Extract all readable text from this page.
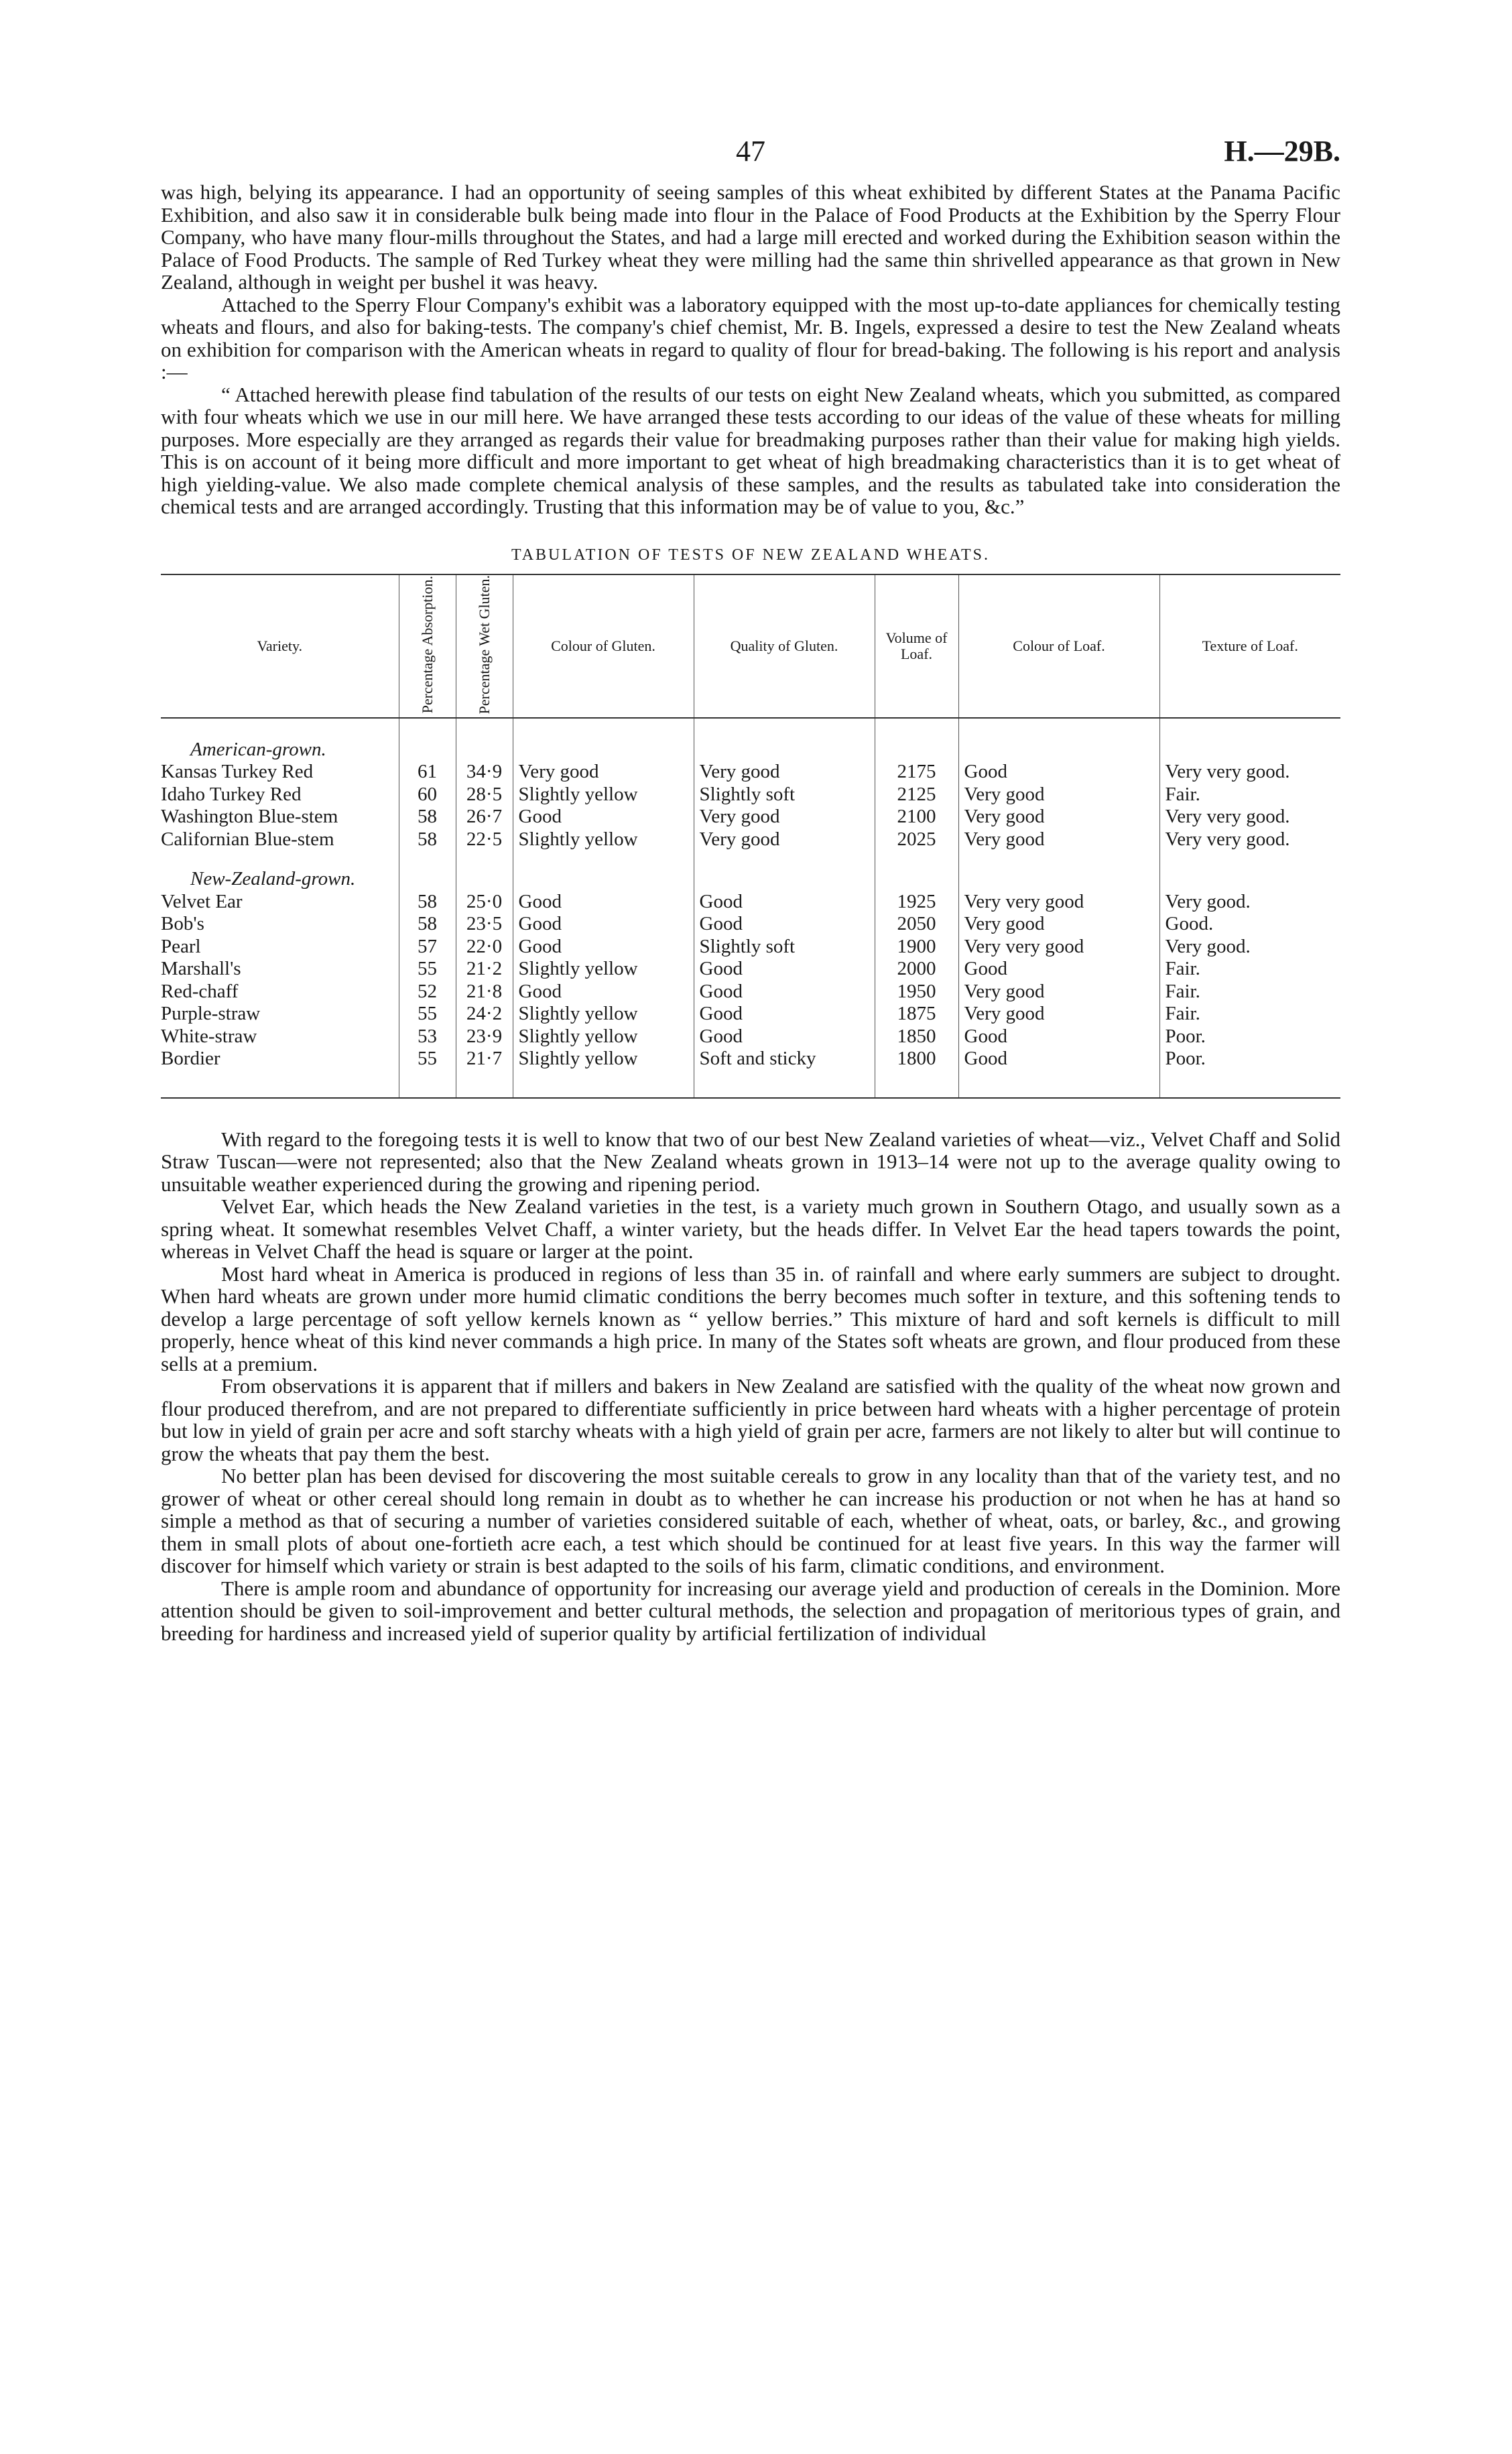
47	H.—29B.

was high, belying its appearance. I had an opportunity of seeing samples of this wheat exhibited by different States at the Panama Pacific Exhibition, and also saw it in considerable bulk being made into flour in the Palace of Food Products at the Exhibition by the Sperry Flour Company, who have many flour-mills throughout the States, and had a large mill erected and worked during the Exhibition season within the Palace of Food Products. The sample of Red Turkey wheat they were milling had the same thin shrivelled appearance as that grown in New Zealand, although in weight per bushel it was heavy.

Attached to the Sperry Flour Company's exhibit was a laboratory equipped with the most up-to-date appliances for chemically testing wheats and flours, and also for baking-tests. The company's chief chemist, Mr. B. Ingels, expressed a desire to test the New Zealand wheats on exhibition for comparison with the American wheats in regard to quality of flour for bread-baking. The following is his report and analysis :—

“ Attached herewith please find tabulation of the results of our tests on eight New Zealand wheats, which you submitted, as compared with four wheats which we use in our mill here. We have arranged these tests according to our ideas of the value of these wheats for milling purposes. More especially are they arranged as regards their value for breadmaking purposes rather than their value for making high yields. This is on account of it being more difficult and more important to get wheat of high breadmaking characteristics than it is to get wheat of high yielding-value. We also made complete chemical analysis of these samples, and the results as tabulated take into consideration the chemical tests and are arranged accordingly. Trusting that this information may be of value to you, &c.”

TABULATION OF TESTS OF NEW ZEALAND WHEATS.
Variety.	Percentage Absorption.	Percentage Wet Gluten.	Colour of Gluten.	Quality of Gluten.	Volume of Loaf.	Colour of Loaf.	Texture of Loaf.
American-grown.							
Kansas Turkey Red	61	34·9	Very good	Very good	2175	Good	Very very good.
Idaho Turkey Red	60	28·5	Slightly yellow	Slightly soft	2125	Very good	Fair.
Washington Blue-stem	58	26·7	Good	Very good	2100	Very good	Very very good.
Californian Blue-stem	58	22·5	Slightly yellow	Very good	2025	Very good	Very very good.

New-Zealand-grown.							
Velvet Ear	58	25·0	Good	Good	1925	Very very good	Very good.
Bob's	58	23·5	Good	Good	2050	Very good	Good.
Pearl	57	22·0	Good	Slightly soft	1900	Very very good	Very good.
Marshall's	55	21·2	Slightly yellow	Good	2000	Good	Fair.
Red-chaff	52	21·8	Good	Good	1950	Very good	Fair.
Purple-straw	55	24·2	Slightly yellow	Good	1875	Very good	Fair.
White-straw	53	23·9	Slightly yellow	Good	1850	Good	Poor.
Bordier	55	21·7	Slightly yellow	Soft and sticky	1800	Good	Poor.

With regard to the foregoing tests it is well to know that two of our best New Zealand varieties of wheat—viz., Velvet Chaff and Solid Straw Tuscan—were not represented; also that the New Zealand wheats grown in 1913–14 were not up to the average quality owing to unsuitable weather experienced during the growing and ripening period.

Velvet Ear, which heads the New Zealand varieties in the test, is a variety much grown in Southern Otago, and usually sown as a spring wheat. It somewhat resembles Velvet Chaff, a winter variety, but the heads differ. In Velvet Ear the head tapers towards the point, whereas in Velvet Chaff the head is square or larger at the point.

Most hard wheat in America is produced in regions of less than 35 in. of rainfall and where early summers are subject to drought. When hard wheats are grown under more humid climatic conditions the berry becomes much softer in texture, and this softening tends to develop a large percentage of soft yellow kernels known as “ yellow berries.” This mixture of hard and soft kernels is difficult to mill properly, hence wheat of this kind never commands a high price. In many of the States soft wheats are grown, and flour produced from these sells at a premium.

From observations it is apparent that if millers and bakers in New Zealand are satisfied with the quality of the wheat now grown and flour produced therefrom, and are not prepared to differentiate sufficiently in price between hard wheats with a higher percentage of protein but low in yield of grain per acre and soft starchy wheats with a high yield of grain per acre, farmers are not likely to alter but will continue to grow the wheats that pay them the best.

No better plan has been devised for discovering the most suitable cereals to grow in any locality than that of the variety test, and no grower of wheat or other cereal should long remain in doubt as to whether he can increase his production or not when he has at hand so simple a method as that of securing a number of varieties considered suitable of each, whether of wheat, oats, or barley, &c., and growing them in small plots of about one-fortieth acre each, a test which should be continued for at least five years. In this way the farmer will discover for himself which variety or strain is best adapted to the soils of his farm, climatic conditions, and environment.

There is ample room and abundance of opportunity for increasing our average yield and production of cereals in the Dominion. More attention should be given to soil-improvement and better cultural methods, the selection and propagation of meritorious types of grain, and breeding for hardiness and increased yield of superior quality by artificial fertilization of individual
